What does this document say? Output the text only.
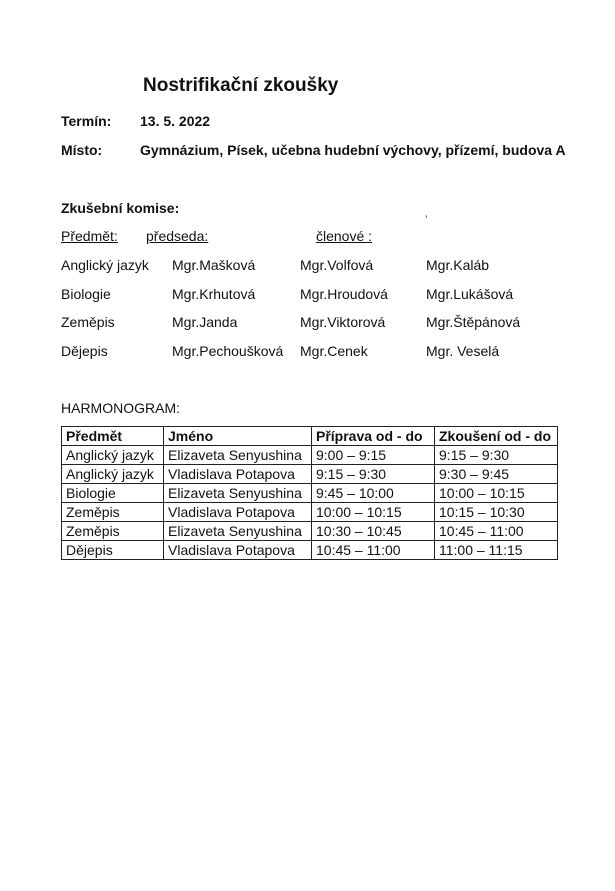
Nostrifikační zkoušky
Termín: 13. 5. 2022
Místo:	Gymnázium, Písek, učebna hudební výchovy, přízemí, budova A
Zkušební komise:
’
Předmět: předseda:	členové :
Anglický jazyk Mgr.Mašková	Mgr.Volfová	Mgr.Kaláb
Biologie	Mgr.Krhutová	Mgr.Hroudová	Mgr.Lukášová
Zeměpis	Mgr.Janda	Mgr.Viktorová	Mgr.Štěpánová
Dějepis	Mgr.Pechoušková Mgr.Cenek	Mgr. Veselá
HARMONOGRAM:
Předmět	Jméno	Příprava od - do	Zkoušení od - do
Anglický jazyk	Elizaveta Senyushina	9:00 – 9:15	9:15 – 9:30
Anglický jazyk	Vladislava Potapova	9:15 – 9:30	9:30 – 9:45
Biologie	Elizaveta Senyushina	9:45 – 10:00	10:00 – 10:15
Zeměpis	Vladislava Potapova	10:00 – 10:15	10:15 – 10:30
Zeměpis	Elizaveta Senyushina	10:30 – 10:45	10:45 – 11:00
Dějepis	Vladislava Potapova	10:45 – 11:00	11:00 – 11:15
